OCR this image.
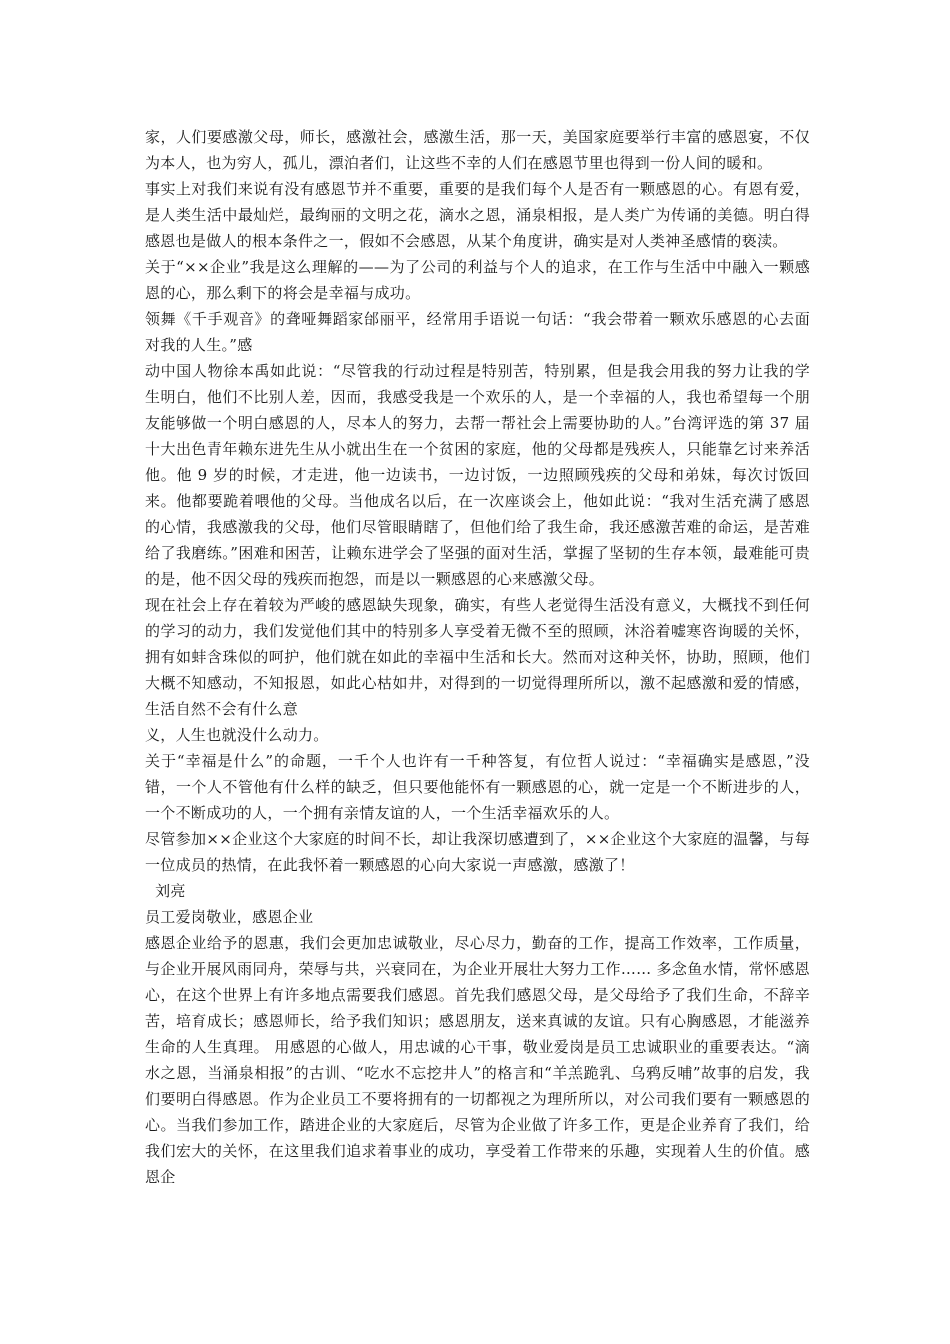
家，人们要感激父母，师长，感激社会，感激生活，那一天，美国家庭要举行丰富的感恩宴，不仅为本人，也为穷人，孤儿，漂泊者们，让这些不幸的人们在感恩节里也得到一份人间的暖和。

事实上对我们来说有没有感恩节并不重要，重要的是我们每个人是否有一颗感恩的心。有恩有爱，是人类生活中最灿烂，最绚丽的文明之花，滴水之恩，涌泉相报，是人类广为传诵的美德。明白得感恩也是做人的根本条件之一，假如不会感恩，从某个角度讲，确实是对人类神圣感情的亵渎。

关于“××企业”我是这么理解的——为了公司的利益与个人的追求，在工作与生活中中融入一颗感恩的心，那么剩下的将会是幸福与成功。

领舞《千手观音》的聋哑舞蹈家邰丽平，经常用手语说一句话：“我会带着一颗欢乐感恩的心去面对我的人生。”感

动中国人物徐本禹如此说：“尽管我的行动过程是特别苦，特别累，但是我会用我的努力让我的学生明白，他们不比别人差，因而，我感受我是一个欢乐的人，是一个幸福的人，我也希望每一个朋友能够做一个明白感恩的人，尽本人的努力，去帮一帮社会上需要协助的人。”台湾评选的第 37 届十大出色青年赖东进先生从小就出生在一个贫困的家庭，他的父母都是残疾人，只能靠乞讨来养活他。他 9 岁的时候，才走进，他一边读书，一边讨饭，一边照顾残疾的父母和弟妹，每次讨饭回来。他都要跪着喂他的父母。当他成名以后，在一次座谈会上，他如此说：“我对生活充满了感恩的心情，我感激我的父母，他们尽管眼睛瞎了，但他们给了我生命，我还感激苦难的命运，是苦难给了我磨练。”困难和困苦，让赖东进学会了坚强的面对生活，掌握了坚韧的生存本领，最难能可贵的是，他不因父母的残疾而抱怨，而是以一颗感恩的心来感激父母。

现在社会上存在着较为严峻的感恩缺失现象，确实，有些人老觉得生活没有意义，大概找不到任何的学习的动力，我们发觉他们其中的特别多人享受着无微不至的照顾，沐浴着嘘寒咨询暖的关怀，拥有如蚌含珠似的呵护，他们就在如此的幸福中生活和长大。然而对这种关怀，协助，照顾，他们大概不知感动，不知报恩，如此心枯如井，对得到的一切觉得理所所以，激不起感激和爱的情感，生活自然不会有什么意

义，人生也就没什么动力。

关于“幸福是什么”的命题，一千个人也许有一千种答复，有位哲人说过：“幸福确实是感恩，”没错，一个人不管他有什么样的缺乏，但只要他能怀有一颗感恩的心，就一定是一个不断进步的人，一个不断成功的人，一个拥有亲情友谊的人，一个生活幸福欢乐的人。

尽管参加××企业这个大家庭的时间不长，却让我深切感遭到了，××企业这个大家庭的温馨，与每一位成员的热情，在此我怀着一颗感恩的心向大家说一声感激，感激了！

刘亮

员工爱岗敬业，感恩企业

感恩企业给予的恩惠，我们会更加忠诚敬业，尽心尽力，勤奋的工作，提高工作效率，工作质量，与企业开展风雨同舟，荣辱与共，兴衰同在，为企业开展壮大努力工作…… 多念鱼水情，常怀感恩心，在这个世界上有许多地点需要我们感恩。首先我们感恩父母，是父母给予了我们生命，不辞辛苦，培育成长；感恩师长，给予我们知识；感恩朋友，送来真诚的友谊。只有心胸感恩，才能滋养生命的人生真理。 用感恩的心做人，用忠诚的心干事，敬业爱岗是员工忠诚职业的重要表达。“滴水之恩，当涌泉相报”的古训、“吃水不忘挖井人”的格言和“羊羔跪乳、乌鸦反哺”故事的启发，我们要明白得感恩。作为企业员工不要将拥有的一切都视之为理所所以，对公司我们要有一颗感恩的心。当我们参加工作，踏进企业的大家庭后，尽管为企业做了许多工作，更是企业养育了我们，给我们宏大的关怀，在这里我们追求着事业的成功，享受着工作带来的乐趣，实现着人生的价值。感恩企
